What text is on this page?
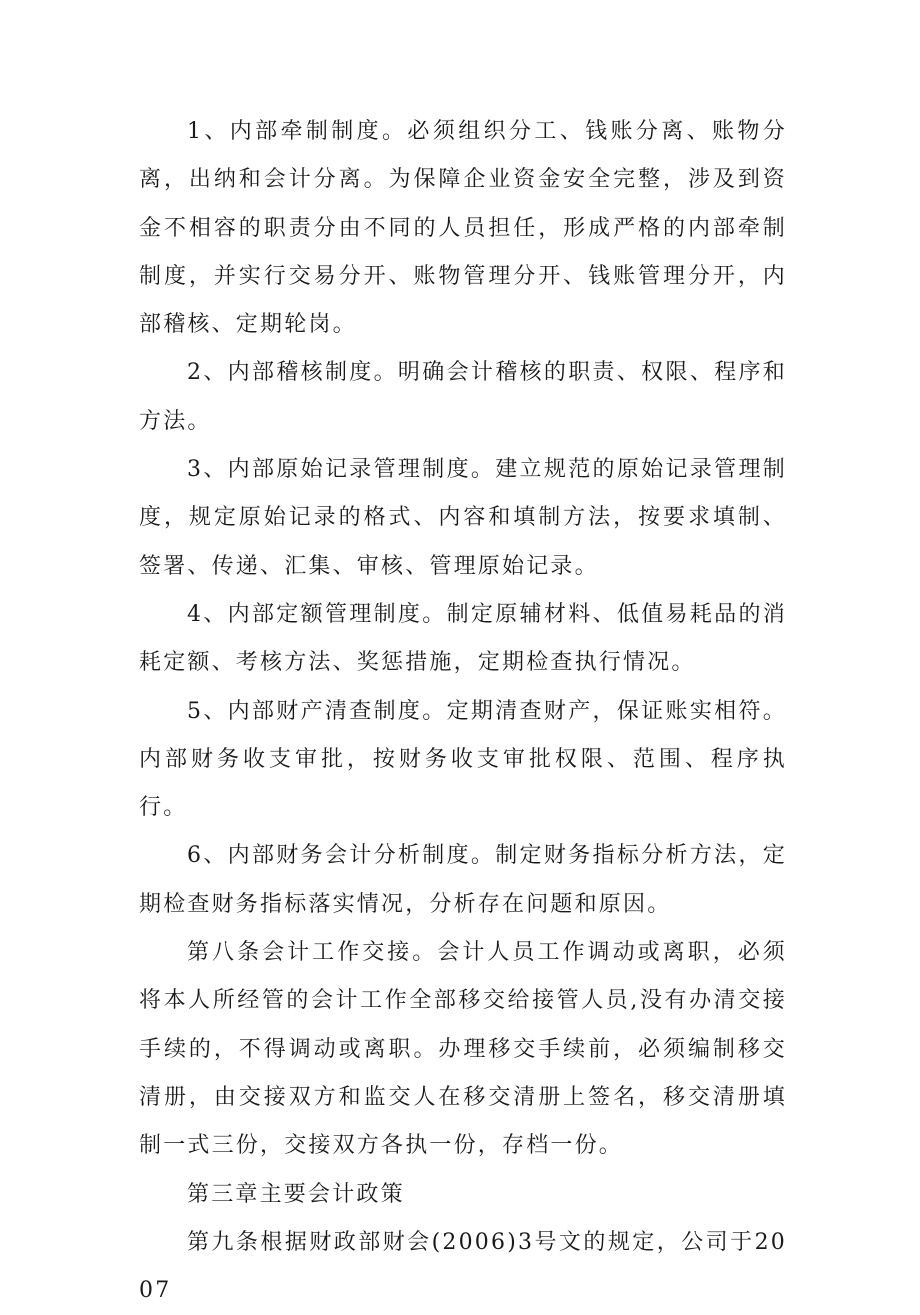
1、内部牵制制度。必须组织分工、钱账分离、账物分离，出纳和会计分离。为保障企业资金安全完整，涉及到资金不相容的职责分由不同的人员担任，形成严格的内部牵制制度，并实行交易分开、账物管理分开、钱账管理分开，内部稽核、定期轮岗。

2、内部稽核制度。明确会计稽核的职责、权限、程序和方法。

3、内部原始记录管理制度。建立规范的原始记录管理制度，规定原始记录的格式、内容和填制方法，按要求填制、签署、传递、汇集、审核、管理原始记录。

4、内部定额管理制度。制定原辅材料、低值易耗品的消耗定额、考核方法、奖惩措施，定期检查执行情况。

5、内部财产清查制度。定期清查财产，保证账实相符。内部财务收支审批，按财务收支审批权限、范围、程序执行。

6、内部财务会计分析制度。制定财务指标分析方法，定期检查财务指标落实情况，分析存在问题和原因。

第八条会计工作交接。会计人员工作调动或离职，必须将本人所经管的会计工作全部移交给接管人员,没有办清交接手续的，不得调动或离职。办理移交手续前，必须编制移交清册，由交接双方和监交人在移交清册上签名，移交清册填制一式三份，交接双方各执一份，存档一份。

第三章主要会计政策

第九条根据财政部财会(2006)3号文的规定，公司于2007
